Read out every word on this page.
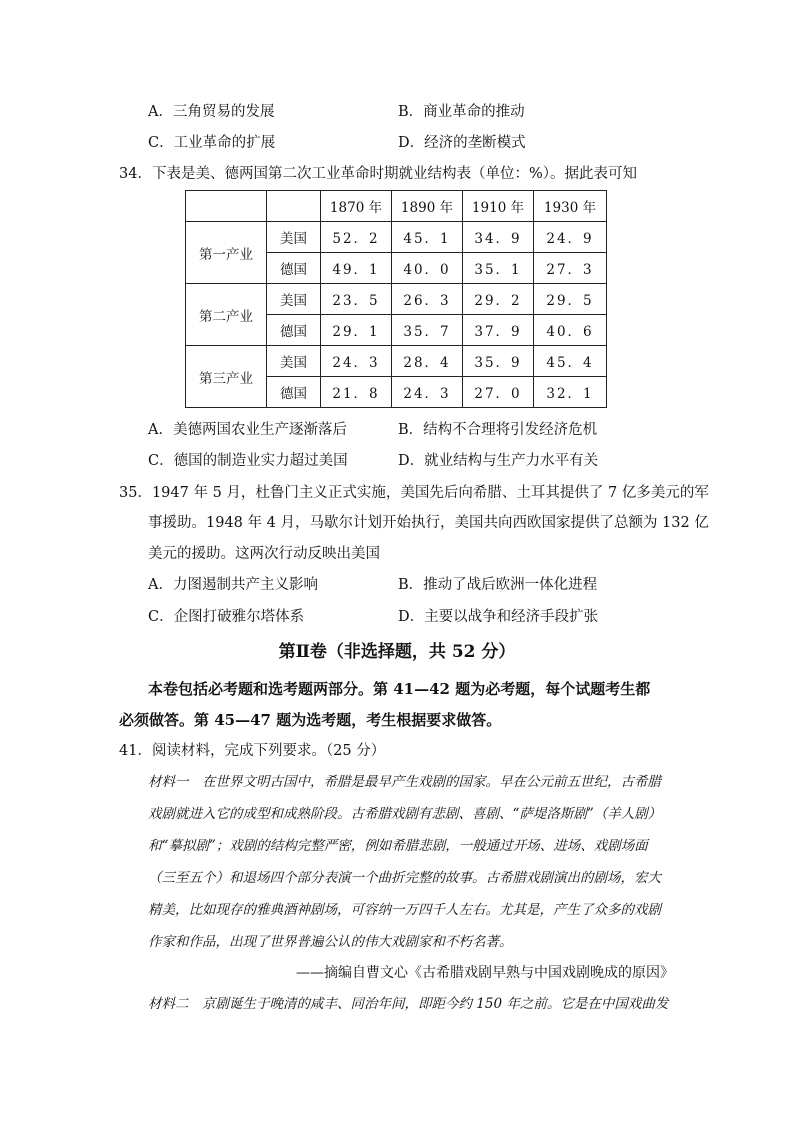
A．三角贸易的发展	B．商业革命的推动
C．工业革命的扩展	D．经济的垄断模式
34．下表是美、德两国第二次工业革命时期就业结构表（单位：%）。据此表可知
		1870 年	1890 年	1910 年	1930 年
第一产业	美国	52．2	45．1	34．9	24．9
	德国	49．1	40．0	35．1	27．3
第二产业	美国	23．5	26．3	29．2	29．5
	德国	29．1	35．7	37．9	40．6
第三产业	美国	24．3	28．4	35．9	45．4
	德国	21．8	24．3	27．0	32．1
A．美德两国农业生产逐渐落后	B．结构不合理将引发经济危机
C．德国的制造业实力超过美国	D．就业结构与生产力水平有关
35．1947 年 5 月，杜鲁门主义正式实施，美国先后向希腊、土耳其提供了 7 亿多美元的军
事援助。1948 年 4 月，马歇尔计划开始执行，美国共向西欧国家提供了总额为 132 亿
美元的援助。这两次行动反映出美国
A．力图遏制共产主义影响	B．推动了战后欧洲一体化进程
C．企图打破雅尔塔体系	D．主要以战争和经济手段扩张
第Ⅱ卷（非选择题，共 52 分）
本卷包括必考题和选考题两部分。第 41—42 题为必考题，每个试题考生都
必须做答。第 45—47 题为选考题，考生根据要求做答。
41．阅读材料，完成下列要求。（25 分）
材料一　在世界文明古国中，希腊是最早产生戏剧的国家。早在公元前五世纪，古希腊
戏剧就进入它的成型和成熟阶段。古希腊戏剧有悲剧、喜剧、“萨堤洛斯剧”（羊人剧）
和“摹拟剧”；戏剧的结构完整严密，例如希腊悲剧，一般通过开场、进场、戏剧场面
（三至五个）和退场四个部分表演一个曲折完整的故事。古希腊戏剧演出的剧场，宏大
精美，比如现存的雅典酒神剧场，可容纳一万四千人左右。尤其是，产生了众多的戏剧
作家和作品，出现了世界普遍公认的伟大戏剧家和不朽名著。
——摘编自曹文心《古希腊戏剧早熟与中国戏剧晚成的原因》
材料二　京剧诞生于晚清的咸丰、同治年间，即距今约 150 年之前。它是在中国戏曲发
